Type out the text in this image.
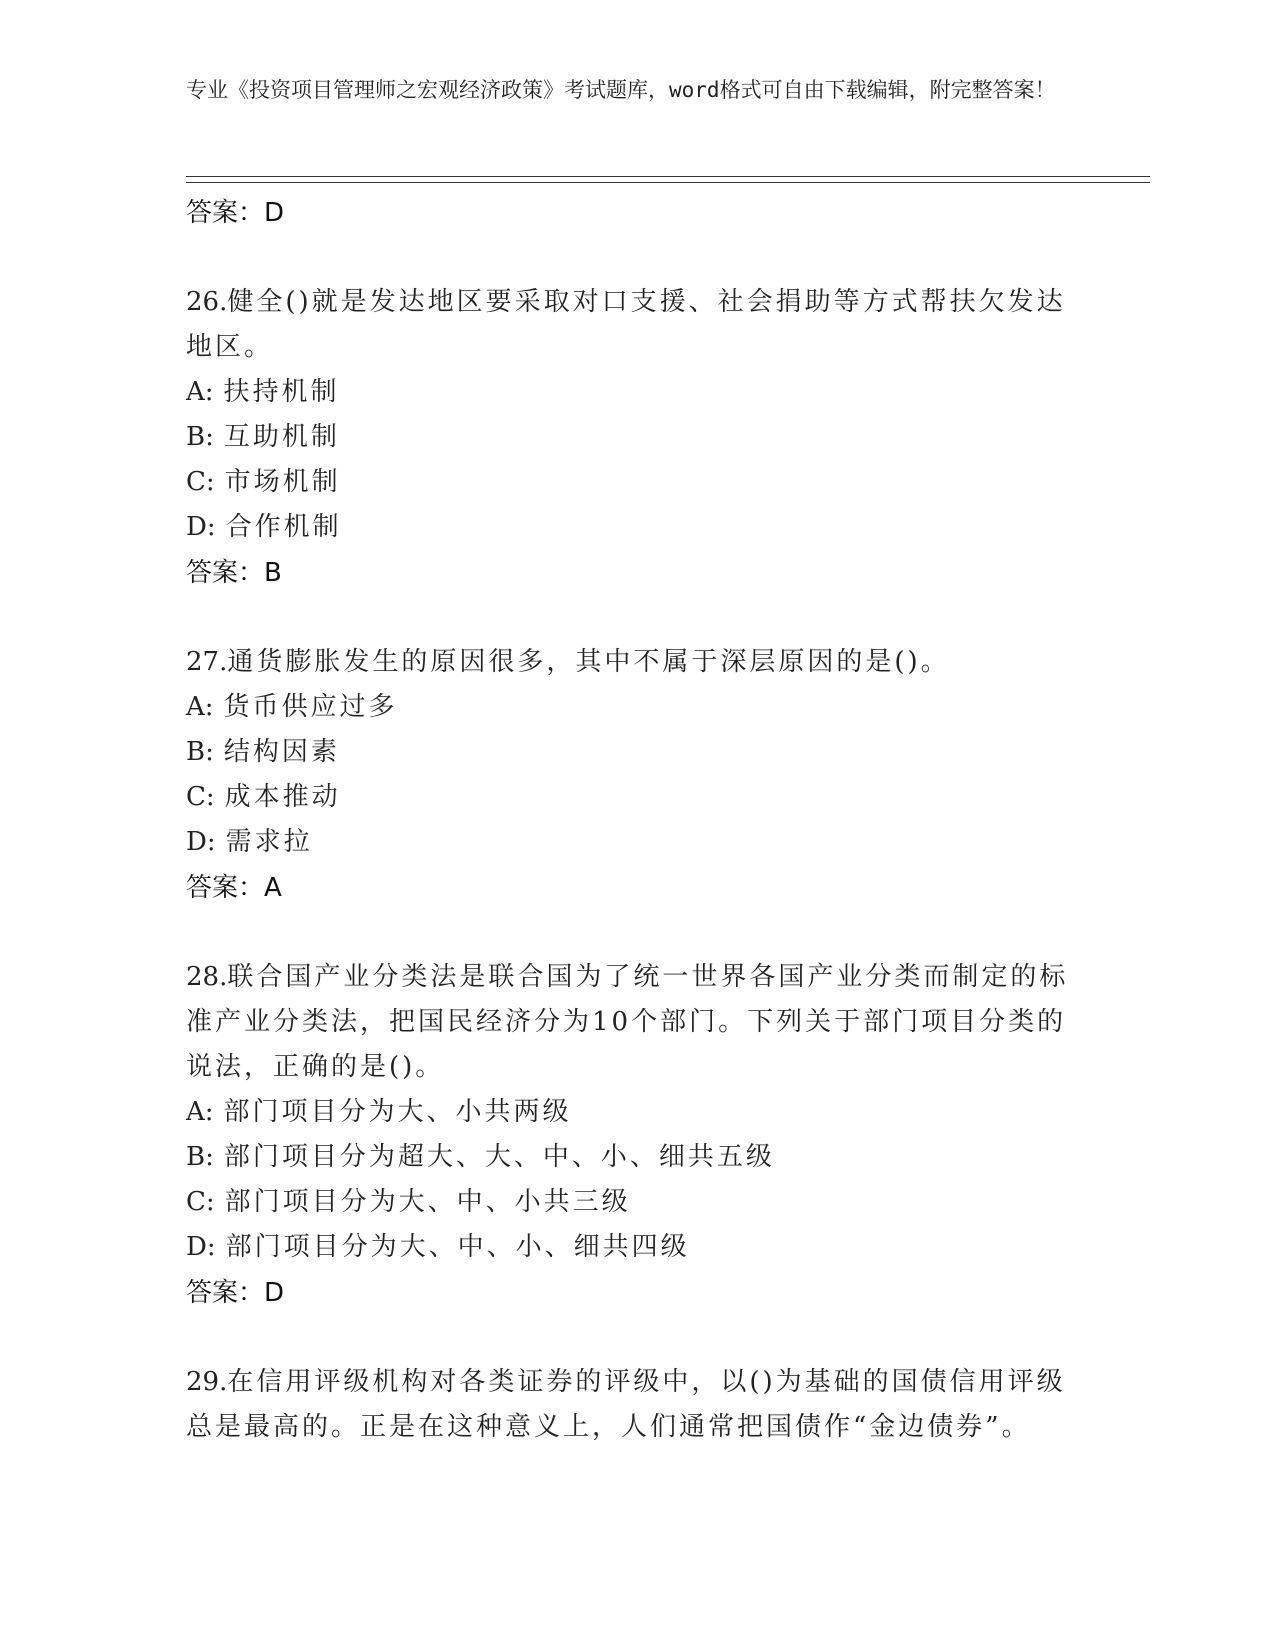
专业《投资项目管理师之宏观经济政策》考试题库，word格式可自由下载编辑，附完整答案！
答案：D
26.健全()就是发达地区要采取对口支援、社会捐助等方式帮扶欠发达地区。
A: 扶持机制
B: 互助机制
C: 市场机制
D: 合作机制
答案：B
27.通货膨胀发生的原因很多，其中不属于深层原因的是()。
A: 货币供应过多
B: 结构因素
C: 成本推动
D: 需求拉
答案：A
28.联合国产业分类法是联合国为了统一世界各国产业分类而制定的标准产业分类法，把国民经济分为10个部门。下列关于部门项目分类的说法，正确的是()。
A: 部门项目分为大、小共两级
B: 部门项目分为超大、大、中、小、细共五级
C: 部门项目分为大、中、小共三级
D: 部门项目分为大、中、小、细共四级
答案：D
29.在信用评级机构对各类证券的评级中，以()为基础的国债信用评级总是最高的。正是在这种意义上，人们通常把国债作“金边债券”。
